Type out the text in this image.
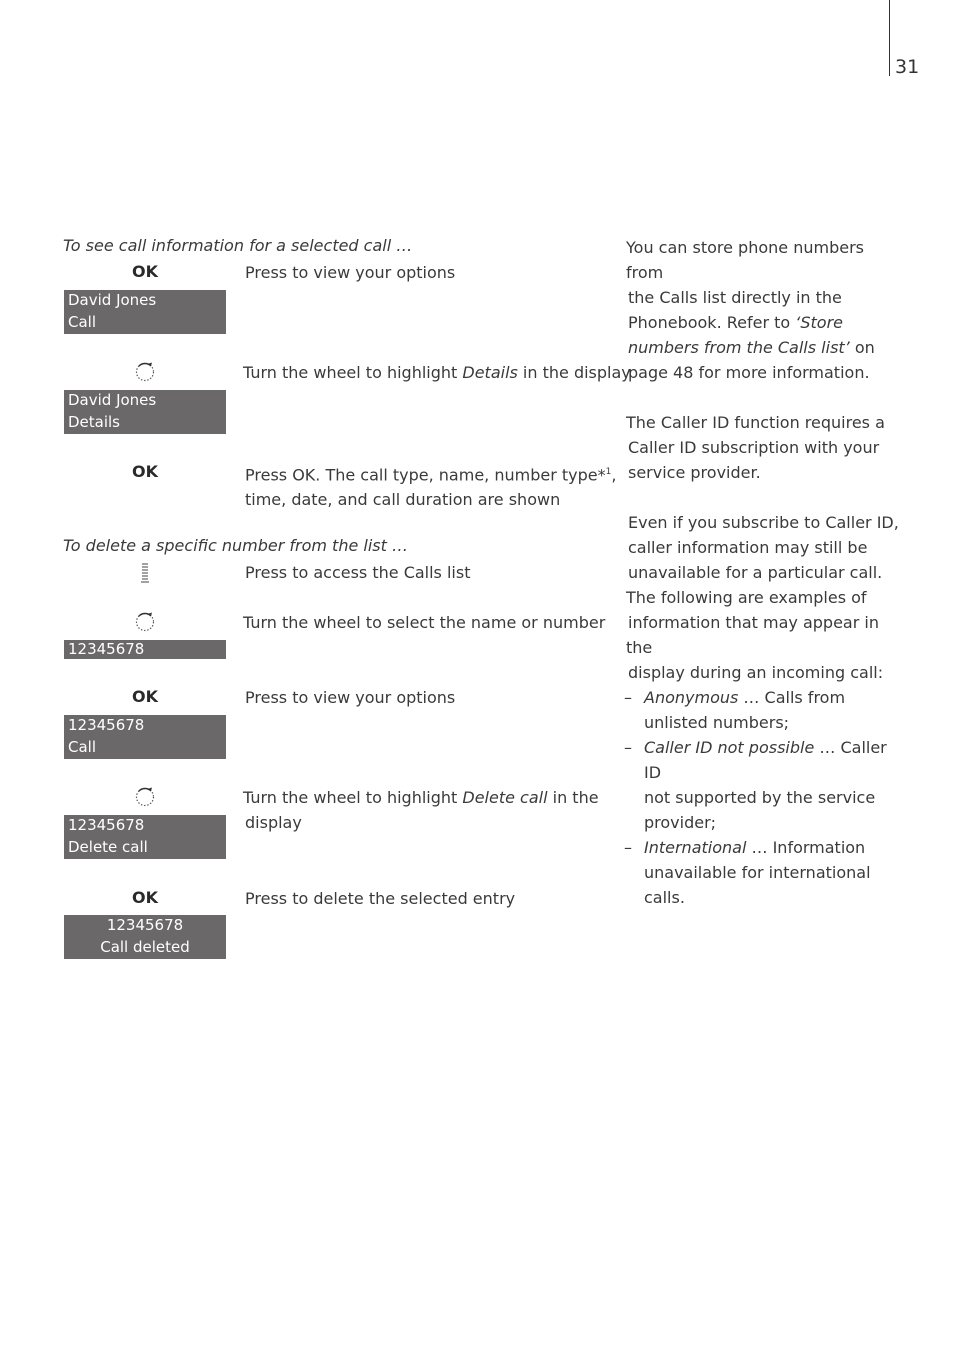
31
To see call information for a selected call …
OK	Press to view your options
David Jones
Call
Turn the wheel to highlight Details in the display
David Jones
Details
OK	Press OK. The call type, name, number type*$^1$,
time, date, and call duration are shown
To delete a specific number from the list …
Press to access the Calls list
Turn the wheel to select the name or number
12345678
OK	Press to view your options
12345678
Call
Turn the wheel to highlight Delete call in the
display
12345678
Delete call
OK	Press to delete the selected entry
12345678
Call deleted

You can store phone numbers from
the Calls list directly in the
Phonebook. Refer to ‘Store
numbers from the Calls list’ on
page 48 for more information.

The Caller ID function requires a
Caller ID subscription with your
service provider.

Even if you subscribe to Caller ID,
caller information may still be
unavailable for a particular call.
The following are examples of
information that may appear in the
display during an incoming call:

– Anonymous … Calls from
unlisted numbers;
– Caller ID not possible … Caller ID
not supported by the service
provider;
– International … Information
unavailable for international calls.
